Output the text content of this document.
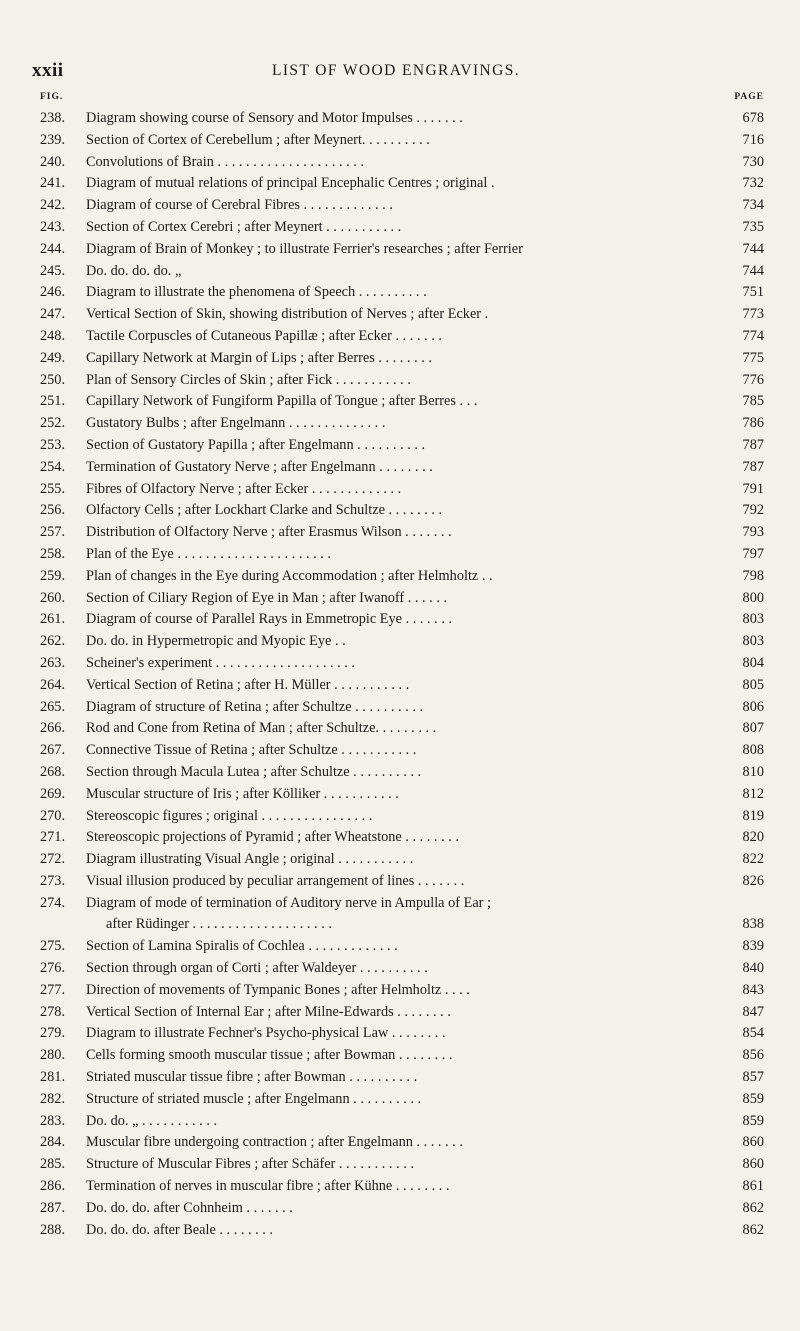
xxii	LIST OF WOOD ENGRAVINGS.
FIG.	PAGE
238.	Diagram showing course of Sensory and Motor Impulses . . . . . . .	678
239.	Section of Cortex of Cerebellum ; after Meynert. . . . . . . . . .	716
240.	Convolutions of Brain . . . . . . . . . . . . . . . . . . . . .	730
241.	Diagram of mutual relations of principal Encephalic Centres ; original .	732
242.	Diagram of course of Cerebral Fibres . . . . . . . . . . . . .	734
243.	Section of Cortex Cerebri ; after Meynert . . . . . . . . . . .	735
244.	Diagram of Brain of Monkey ; to illustrate Ferrier's researches ; after Ferrier	744
245.	Do. do. do. do. „	744
246.	Diagram to illustrate the phenomena of Speech . . . . . . . . . .	751
247.	Vertical Section of Skin, showing distribution of Nerves ; after Ecker .	773
248.	Tactile Corpuscles of Cutaneous Papillæ ; after Ecker . . . . . . .	774
249.	Capillary Network at Margin of Lips ; after Berres . . . . . . . .	775
250.	Plan of Sensory Circles of Skin ; after Fick . . . . . . . . . . .	776
251.	Capillary Network of Fungiform Papilla of Tongue ; after Berres . . .	785
252.	Gustatory Bulbs ; after Engelmann . . . . . . . . . . . . . .	786
253.	Section of Gustatory Papilla ; after Engelmann . . . . . . . . . .	787
254.	Termination of Gustatory Nerve ; after Engelmann . . . . . . . .	787
255.	Fibres of Olfactory Nerve ; after Ecker . . . . . . . . . . . . .	791
256.	Olfactory Cells ; after Lockhart Clarke and Schultze . . . . . . . .	792
257.	Distribution of Olfactory Nerve ; after Erasmus Wilson . . . . . . .	793
258.	Plan of the Eye . . . . . . . . . . . . . . . . . . . . . .	797
259.	Plan of changes in the Eye during Accommodation ; after Helmholtz . .	798
260.	Section of Ciliary Region of Eye in Man ; after Iwanoff . . . . . .	800
261.	Diagram of course of Parallel Rays in Emmetropic Eye . . . . . . .	803
262.	Do. do. in Hypermetropic and Myopic Eye . .	803
263.	Scheiner's experiment . . . . . . . . . . . . . . . . . . . .	804
264.	Vertical Section of Retina ; after H. Müller . . . . . . . . . . .	805
265.	Diagram of structure of Retina ; after Schultze . . . . . . . . . .	806
266.	Rod and Cone from Retina of Man ; after Schultze. . . . . . . . .	807
267.	Connective Tissue of Retina ; after Schultze . . . . . . . . . . .	808
268.	Section through Macula Lutea ; after Schultze . . . . . . . . . .	810
269.	Muscular structure of Iris ; after Kölliker . . . . . . . . . . .	812
270.	Stereoscopic figures ; original . . . . . . . . . . . . . . . .	819
271.	Stereoscopic projections of Pyramid ; after Wheatstone . . . . . . . .	820
272.	Diagram illustrating Visual Angle ; original . . . . . . . . . . .	822
273.	Visual illusion produced by peculiar arrangement of lines . . . . . . .	826
274.	Diagram of mode of termination of Auditory nerve in Ampulla of Ear ;
after Rüdinger . . . . . . . . . . . . . . . . . . . .	838
275.	Section of Lamina Spiralis of Cochlea . . . . . . . . . . . . .	839
276.	Section through organ of Corti ; after Waldeyer . . . . . . . . . .	840
277.	Direction of movements of Tympanic Bones ; after Helmholtz . . . .	843
278.	Vertical Section of Internal Ear ; after Milne-Edwards . . . . . . . .	847
279.	Diagram to illustrate Fechner's Psycho-physical Law . . . . . . . .	854
280.	Cells forming smooth muscular tissue ; after Bowman . . . . . . . .	856
281.	Striated muscular tissue fibre ; after Bowman . . . . . . . . . .	857
282.	Structure of striated muscle ; after Engelmann . . . . . . . . . .	859
283.	Do. do. „ . . . . . . . . . . .	859
284.	Muscular fibre undergoing contraction ; after Engelmann . . . . . . .	860
285.	Structure of Muscular Fibres ; after Schäfer . . . . . . . . . . .	860
286.	Termination of nerves in muscular fibre ; after Kühne . . . . . . . .	861
287.	Do. do. do. after Cohnheim . . . . . . .	862
288.	Do. do. do. after Beale . . . . . . . .	862
